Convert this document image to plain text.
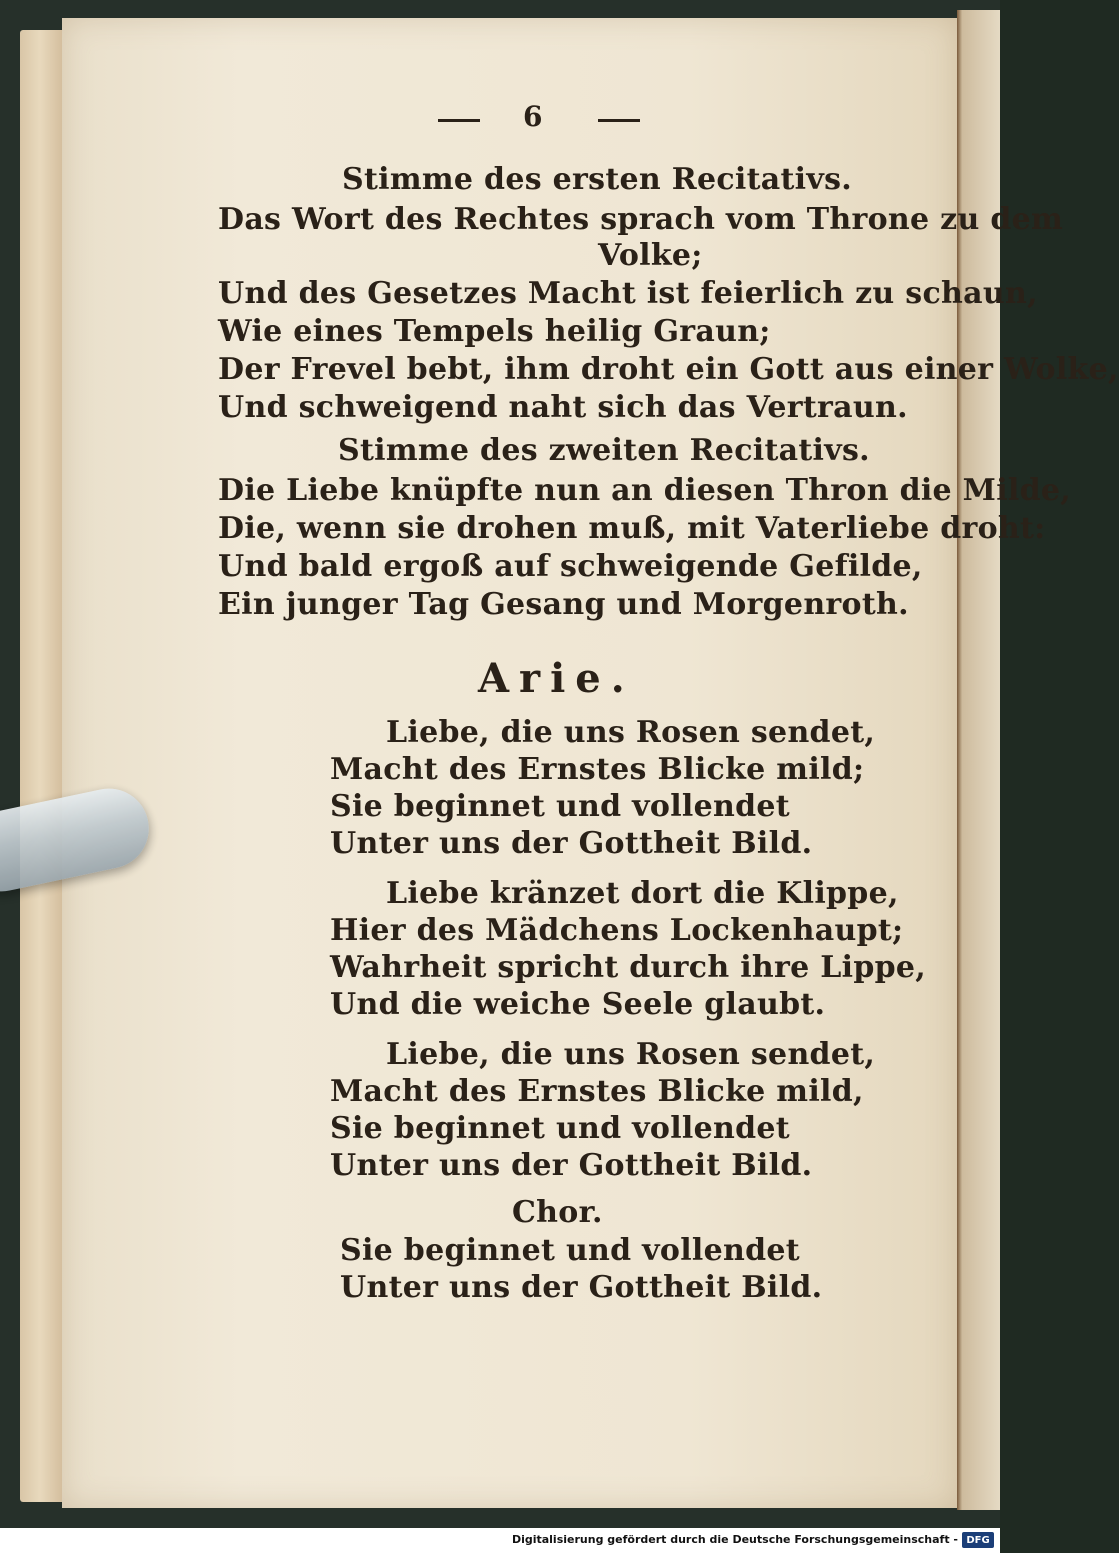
6
Stimme des ersten Recitativs.
Das Wort des Rechtes sprach vom Throne zu dem
Volke;
Und des Gesetzes Macht ist feierlich zu schaun,
Wie eines Tempels heilig Graun;
Der Frevel bebt, ihm droht ein Gott aus einer Wolke,
Und schweigend naht sich das Vertraun.
Stimme des zweiten Recitativs.
Die Liebe knüpfte nun an diesen Thron die Milde,
Die, wenn sie drohen muß, mit Vaterliebe droht:
Und bald ergoß auf schweigende Gefilde,
Ein junger Tag Gesang und Morgenroth.
Arie.
Liebe, die uns Rosen sendet,
Macht des Ernstes Blicke mild;
Sie beginnet und vollendet
Unter uns der Gottheit Bild.
Liebe kränzet dort die Klippe,
Hier des Mädchens Lockenhaupt;
Wahrheit spricht durch ihre Lippe,
Und die weiche Seele glaubt.
Liebe, die uns Rosen sendet,
Macht des Ernstes Blicke mild,
Sie beginnet und vollendet
Unter uns der Gottheit Bild.
Chor.
Sie beginnet und vollendet
Unter uns der Gottheit Bild.
Digitalisierung gefördert durch die Deutsche Forschungsgemeinschaft - DFG
